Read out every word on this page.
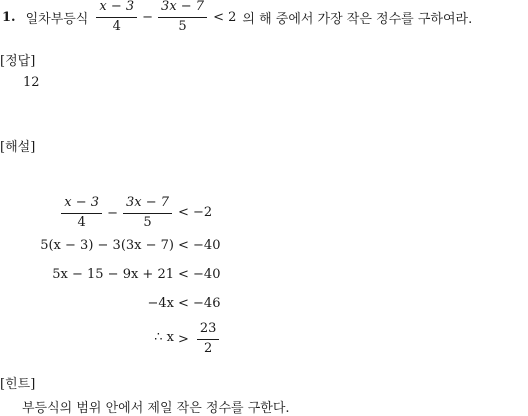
1. 일차부등식 $\frac{x - 3}{4} - \frac{3x - 7}{5} < 2$ 의 해 중에서 가장 작은 정수를 구하여라.
[정답]
12
[해설]
$\frac{x - 3}{4} - \frac{3x - 7}{5} < -2$
5(x − 3) − 3(3x − 7) < −40
5x − 15 − 9x + 21 < −40
−4x < −46
∴ $x > \frac{23}{2}$
[힌트]
부등식의 범위 안에서 제일 작은 정수를 구한다.
